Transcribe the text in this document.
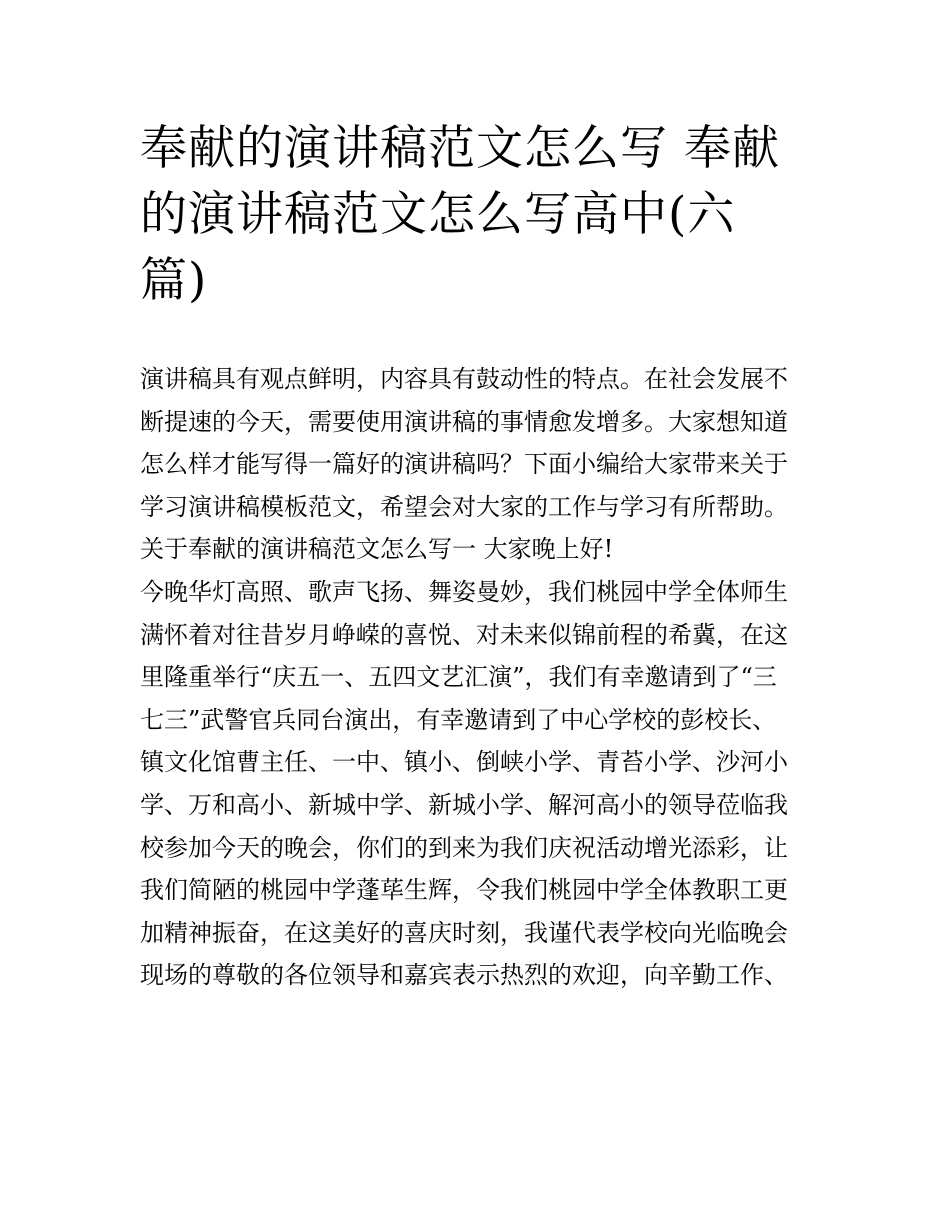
奉献的演讲稿范文怎么写 奉献
的演讲稿范文怎么写高中(六
篇)
演讲稿具有观点鲜明，内容具有鼓动性的特点。在社会发展不
断提速的今天，需要使用演讲稿的事情愈发增多。大家想知道
怎么样才能写得一篇好的演讲稿吗？下面小编给大家带来关于
学习演讲稿模板范文，希望会对大家的工作与学习有所帮助。
关于奉献的演讲稿范文怎么写一 大家晚上好!
今晚华灯高照、歌声飞扬、舞姿曼妙，我们桃园中学全体师生
满怀着对往昔岁月峥嵘的喜悦、对未来似锦前程的希冀，在这
里隆重举行“庆五一、五四文艺汇演”，我们有幸邀请到了“三
七三”武警官兵同台演出，有幸邀请到了中心学校的彭校长、
镇文化馆曹主任、一中、镇小、倒峡小学、青苔小学、沙河小
学、万和高小、新城中学、新城小学、解河高小的领导莅临我
校参加今天的晚会，你们的到来为我们庆祝活动增光添彩，让
我们简陋的桃园中学蓬荜生辉，令我们桃园中学全体教职工更
加精神振奋，在这美好的喜庆时刻，我谨代表学校向光临晚会
现场的尊敬的各位领导和嘉宾表示热烈的欢迎，向辛勤工作、
